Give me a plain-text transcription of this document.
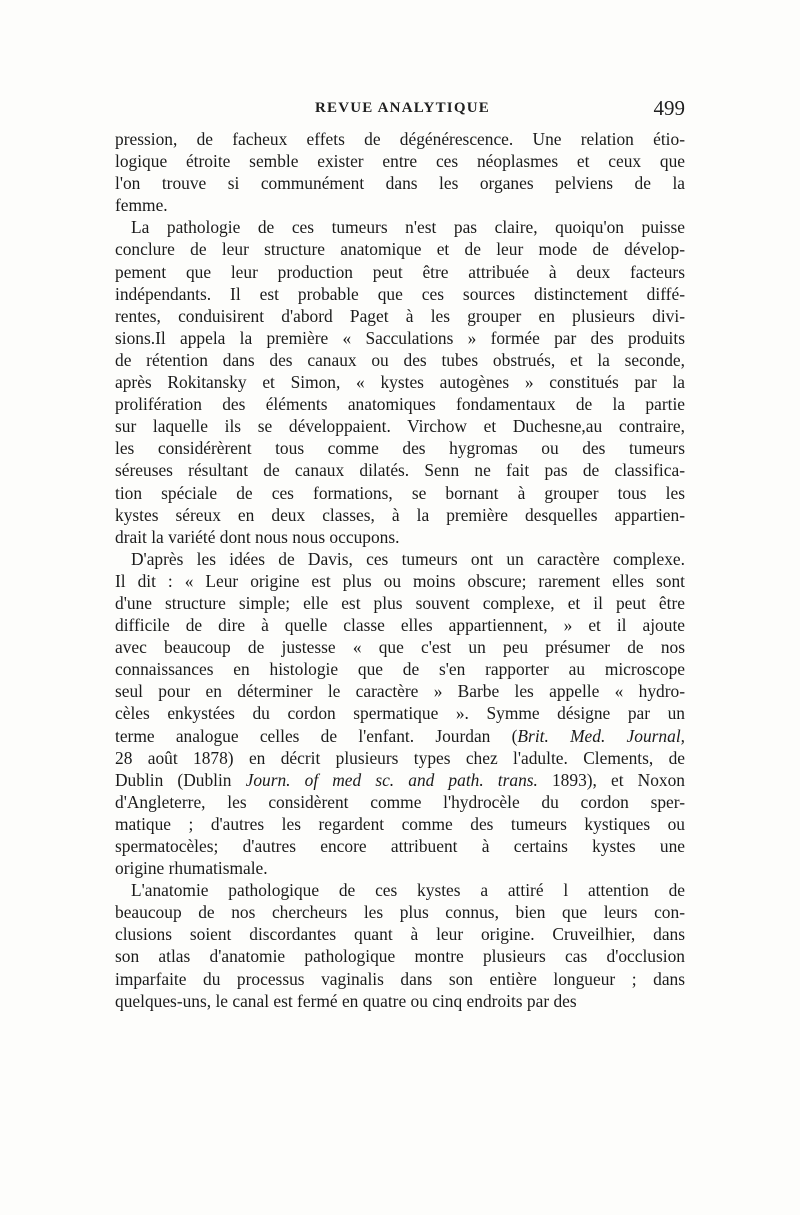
REVUE ANALYTIQUE	499
pression, de facheux effets de dégénérescence. Une relation étio-
logique étroite semble exister entre ces néoplasmes et ceux que
l'on trouve si communément dans les organes pelviens de la
femme.
La pathologie de ces tumeurs n'est pas claire, quoiqu'on puisse
conclure de leur structure anatomique et de leur mode de dévelop-
pement que leur production peut être attribuée à deux facteurs
indépendants. Il est probable que ces sources distinctement diffé-
rentes, conduisirent d'abord Paget à les grouper en plusieurs divi-
sions.Il appela la première « Sacculations » formée par des produits
de rétention dans des canaux ou des tubes obstrués, et la seconde,
après Rokitansky et Simon, « kystes autogènes » constitués par la
prolifération des éléments anatomiques fondamentaux de la partie
sur laquelle ils se développaient. Virchow et Duchesne,au contraire,
les considérèrent tous comme des hygromas ou des tumeurs
séreuses résultant de canaux dilatés. Senn ne fait pas de classifica-
tion spéciale de ces formations, se bornant à grouper tous les
kystes séreux en deux classes, à la première desquelles appartien-
drait la variété dont nous nous occupons.
D'après les idées de Davis, ces tumeurs ont un caractère complexe.
Il dit : « Leur origine est plus ou moins obscure; rarement elles sont
d'une structure simple; elle est plus souvent complexe, et il peut être
difficile de dire à quelle classe elles appartiennent, » et il ajoute
avec beaucoup de justesse « que c'est un peu présumer de nos
connaissances en histologie que de s'en rapporter au microscope
seul pour en déterminer le caractère » Barbe les appelle « hydro-
cèles enkystées du cordon spermatique ». Symme désigne par un
terme analogue celles de l'enfant. Jourdan (Brit. Med. Journal,
28 août 1878) en décrit plusieurs types chez l'adulte. Clements, de
Dublin (Dublin Journ. of med sc. and path. trans. 1893), et Noxon
d'Angleterre, les considèrent comme l'hydrocèle du cordon sper-
matique ; d'autres les regardent comme des tumeurs kystiques ou
spermatocèles; d'autres encore attribuent à certains kystes une
origine rhumatismale.
L'anatomie pathologique de ces kystes a attiré l attention de
beaucoup de nos chercheurs les plus connus, bien que leurs con-
clusions soient discordantes quant à leur origine. Cruveilhier, dans
son atlas d'anatomie pathologique montre plusieurs cas d'occlusion
imparfaite du processus vaginalis dans son entière longueur ; dans
quelques-uns, le canal est fermé en quatre ou cinq endroits par des
